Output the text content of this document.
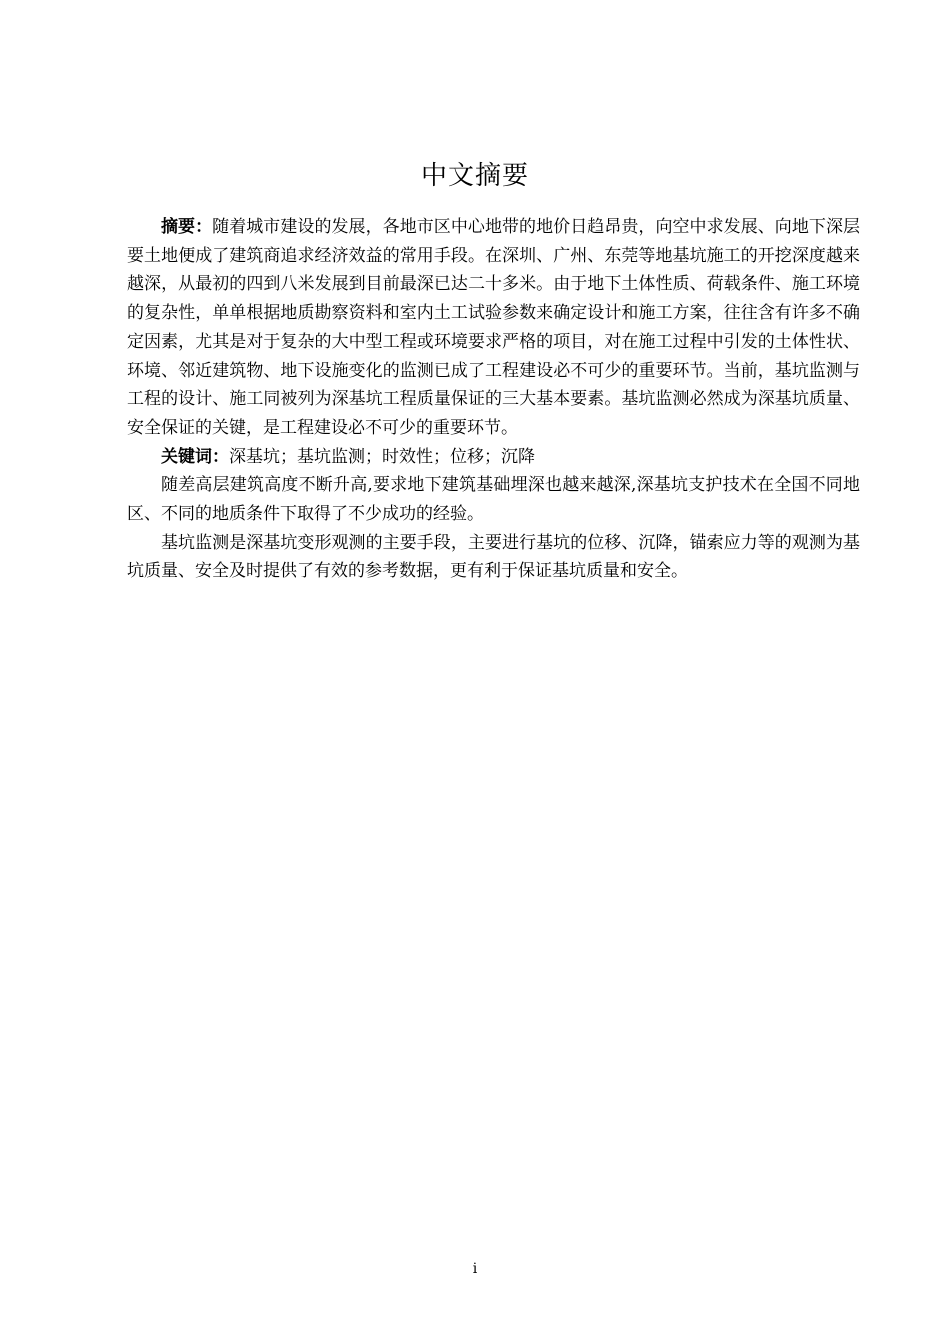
中文摘要

摘要：随着城市建设的发展，各地市区中心地带的地价日趋昂贵，向空中求发展、向地下深层要土地便成了建筑商追求经济效益的常用手段。在深圳、广州、东莞等地基坑施工的开挖深度越来越深，从最初的四到八米发展到目前最深已达二十多米。由于地下土体性质、荷载条件、施工环境的复杂性，单单根据地质勘察资料和室内土工试验参数来确定设计和施工方案，往往含有许多不确定因素，尤其是对于复杂的大中型工程或环境要求严格的项目，对在施工过程中引发的土体性状、环境、邻近建筑物、地下设施变化的监测已成了工程建设必不可少的重要环节。当前，基坑监测与工程的设计、施工同被列为深基坑工程质量保证的三大基本要素。基坑监测必然成为深基坑质量、安全保证的关键，是工程建设必不可少的重要环节。

关键词：深基坑；基坑监测；时效性；位移；沉降

随差高层建筑高度不断升高,要求地下建筑基础埋深也越来越深,深基坑支护技术在全国不同地区、不同的地质条件下取得了不少成功的经验。

基坑监测是深基坑变形观测的主要手段，主要进行基坑的位移、沉降，锚索应力等的观测为基坑质量、安全及时提供了有效的参考数据，更有利于保证基坑质量和安全。

i
